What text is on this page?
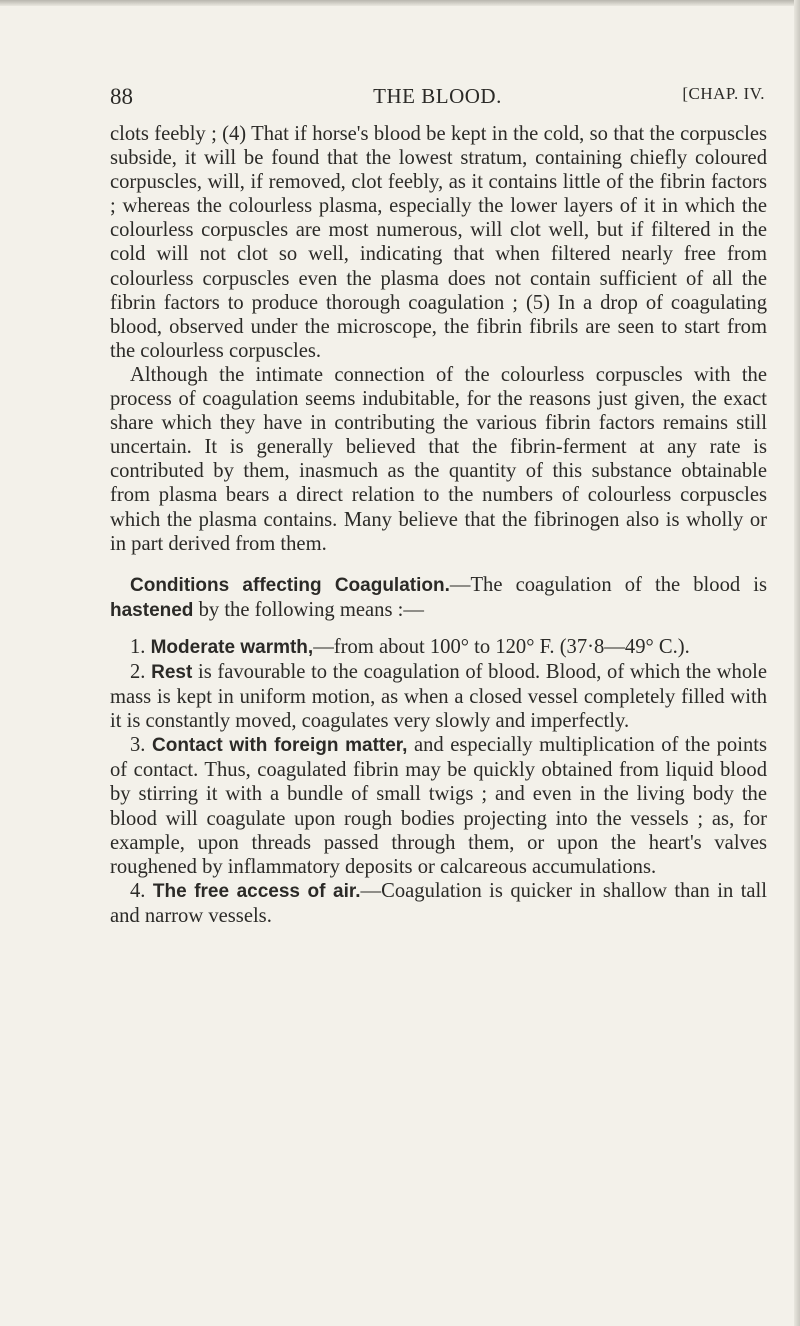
88	THE BLOOD.	[CHAP. IV.

clots feebly ; (4) That if horse's blood be kept in the cold, so that the corpuscles subside, it will be found that the lowest stratum, containing chiefly coloured corpuscles, will, if removed, clot feebly, as it contains little of the fibrin factors ; whereas the colourless plasma, especially the lower layers of it in which the colourless corpuscles are most numerous, will clot well, but if filtered in the cold will not clot so well, indicating that when filtered nearly free from colourless corpuscles even the plasma does not contain sufficient of all the fibrin factors to produce thorough coagulation ; (5) In a drop of coagulating blood, observed under the microscope, the fibrin fibrils are seen to start from the colourless corpuscles.

Although the intimate connection of the colourless corpuscles with the process of coagulation seems indubitable, for the reasons just given, the exact share which they have in contributing the various fibrin factors remains still uncertain. It is generally believed that the fibrin-ferment at any rate is contributed by them, inasmuch as the quantity of this substance obtainable from plasma bears a direct relation to the numbers of colourless corpuscles which the plasma contains. Many believe that the fibrinogen also is wholly or in part derived from them.

Conditions affecting Coagulation.—The coagulation of the blood is hastened by the following means :—

1. Moderate warmth,—from about 100° to 120° F. (37·8—49° C.).

2. Rest is favourable to the coagulation of blood. Blood, of which the whole mass is kept in uniform motion, as when a closed vessel completely filled with it is constantly moved, coagulates very slowly and imperfectly.

3. Contact with foreign matter, and especially multiplication of the points of contact. Thus, coagulated fibrin may be quickly obtained from liquid blood by stirring it with a bundle of small twigs ; and even in the living body the blood will coagulate upon rough bodies projecting into the vessels ; as, for example, upon threads passed through them, or upon the heart's valves roughened by inflammatory deposits or calcareous accumulations.

4. The free access of air.—Coagulation is quicker in shallow than in tall and narrow vessels.
